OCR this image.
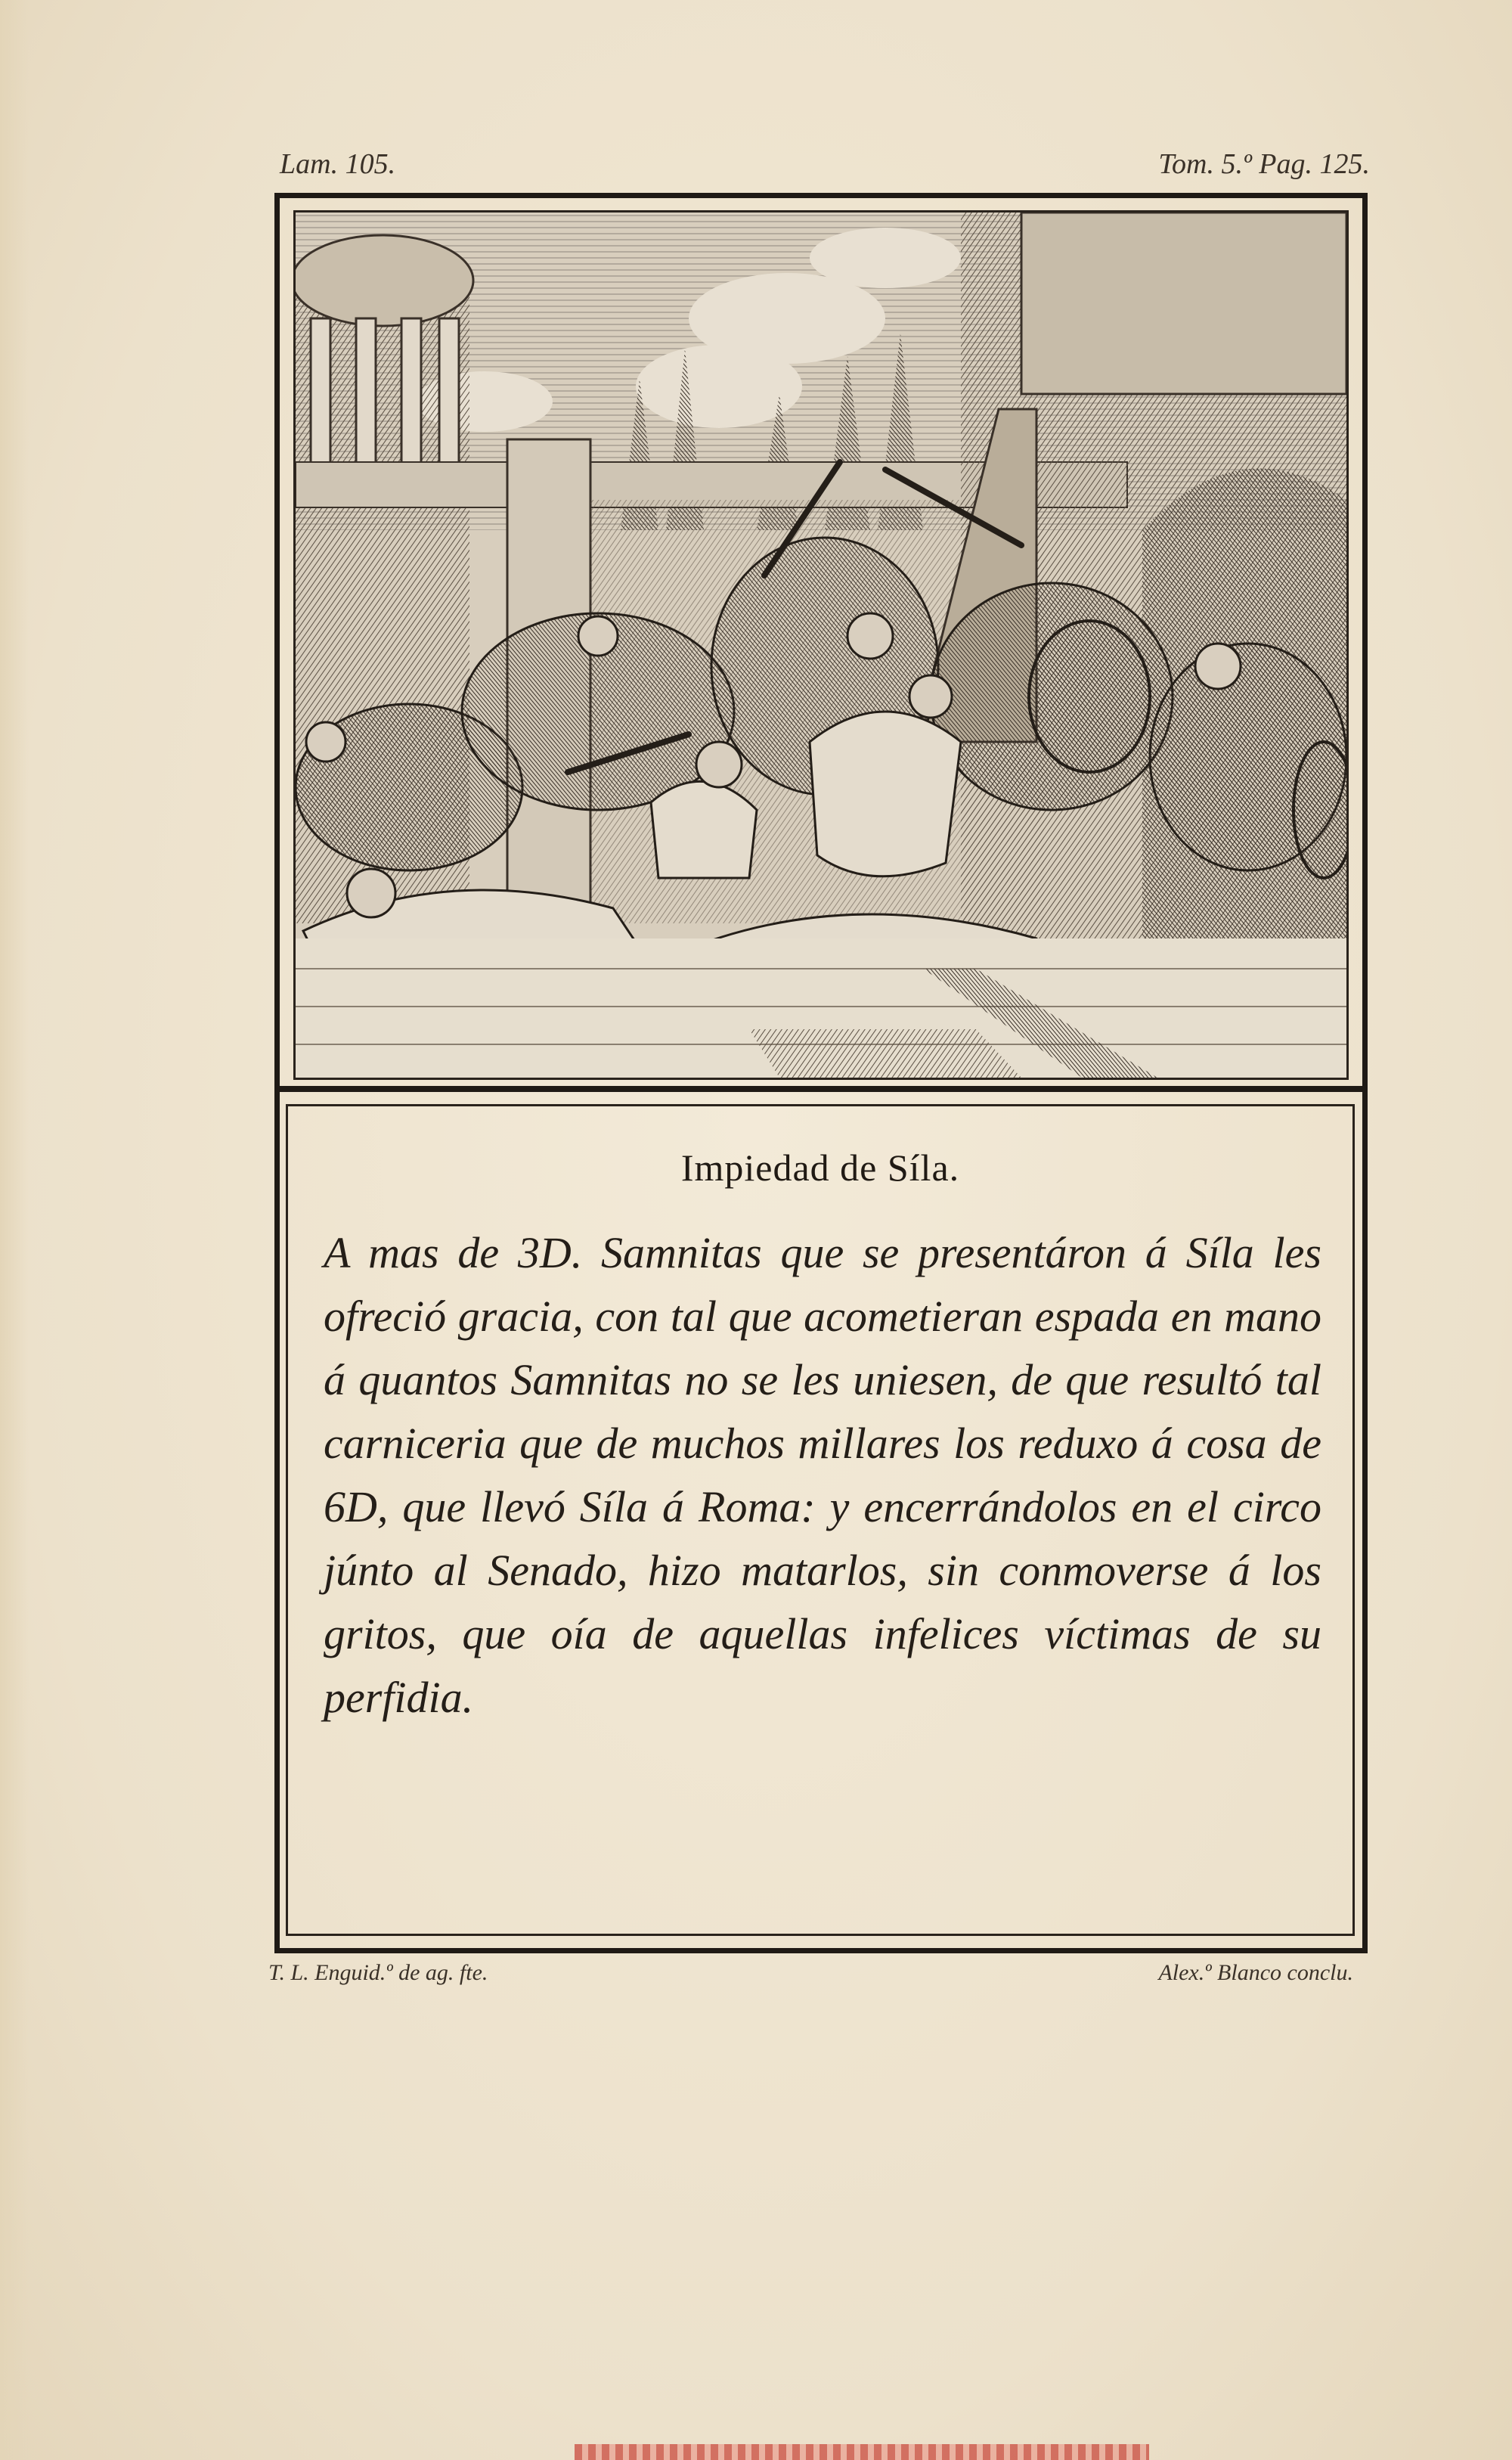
Lam. 105.	Tom. 5.º Pag. 125.
Impiedad de Síla.
A mas de 3D. Samnitas que se presentáron á Síla les ofreció gracia, con tal que acometieran espada en mano á quantos Samnitas no se les uniesen, de que resultó tal carniceria que de muchos millares los reduxo á cosa de 6D, que llevó Síla á Roma: y encerrándolos en el circo júnto al Senado, hizo matarlos, sin conmoverse á los gritos, que oía de aquellas infelices víctimas de su perfidia.
T. L. Enguid.º de ag. fte.	Alex.º Blanco conclu.
